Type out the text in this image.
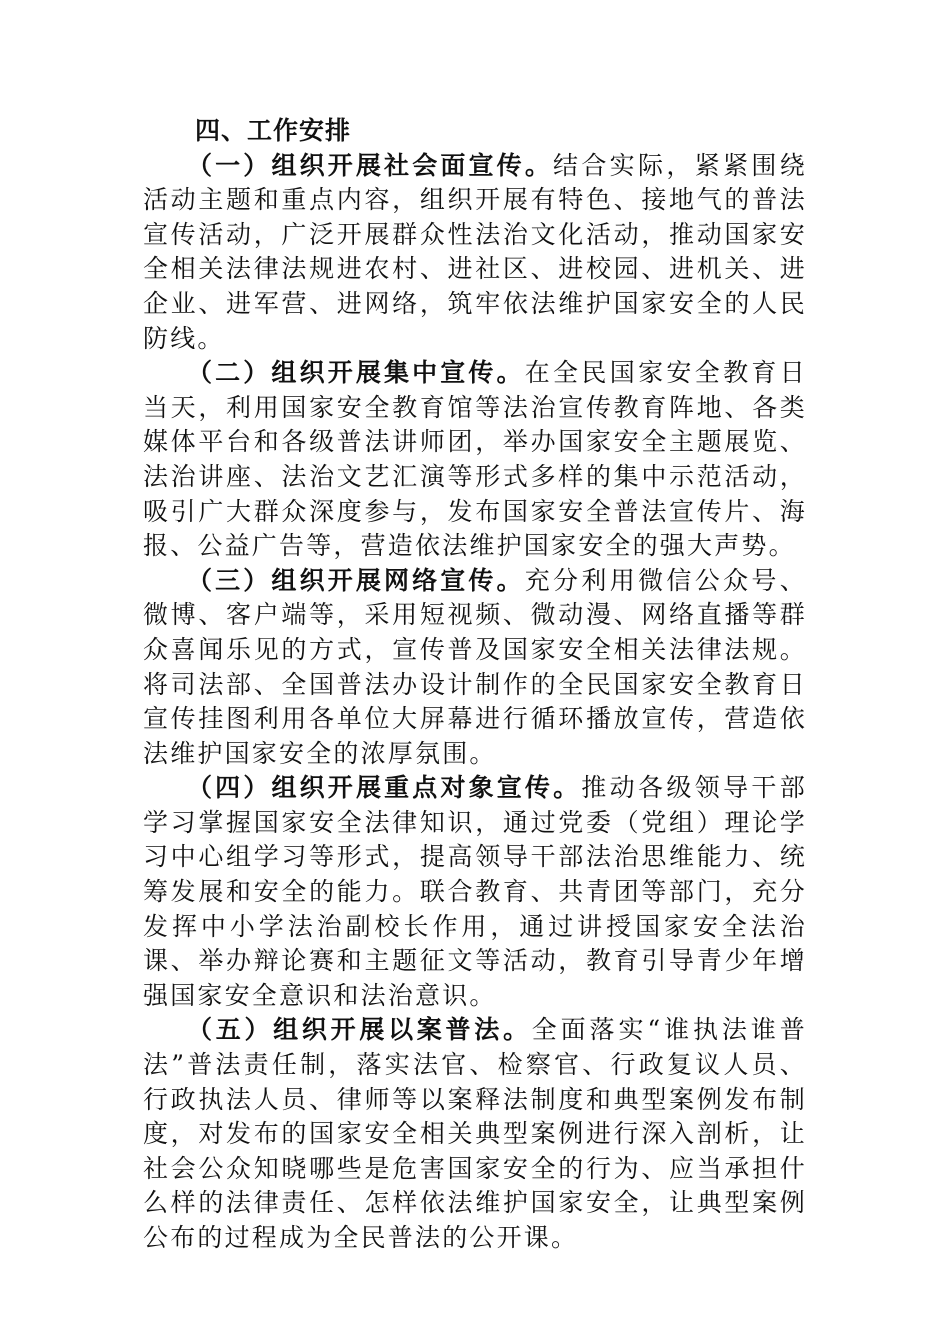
四、工作安排

（一）组织开展社会面宣传。结合实际，紧紧围绕活动主题和重点内容，组织开展有特色、接地气的普法宣传活动，广泛开展群众性法治文化活动，推动国家安全相关法律法规进农村、进社区、进校园、进机关、进企业、进军营、进网络，筑牢依法维护国家安全的人民防线。

（二）组织开展集中宣传。在全民国家安全教育日当天，利用国家安全教育馆等法治宣传教育阵地、各类媒体平台和各级普法讲师团，举办国家安全主题展览、法治讲座、法治文艺汇演等形式多样的集中示范活动，吸引广大群众深度参与，发布国家安全普法宣传片、海报、公益广告等，营造依法维护国家安全的强大声势。

（三）组织开展网络宣传。充分利用微信公众号、微博、客户端等，采用短视频、微动漫、网络直播等群众喜闻乐见的方式，宣传普及国家安全相关法律法规。将司法部、全国普法办设计制作的全民国家安全教育日宣传挂图利用各单位大屏幕进行循环播放宣传，营造依法维护国家安全的浓厚氛围。

（四）组织开展重点对象宣传。推动各级领导干部学习掌握国家安全法律知识，通过党委（党组）理论学习中心组学习等形式，提高领导干部法治思维能力、统筹发展和安全的能力。联合教育、共青团等部门，充分发挥中小学法治副校长作用，通过讲授国家安全法治课、举办辩论赛和主题征文等活动，教育引导青少年增强国家安全意识和法治意识。

（五）组织开展以案普法。全面落实“谁执法谁普法”普法责任制，落实法官、检察官、行政复议人员、行政执法人员、律师等以案释法制度和典型案例发布制度，对发布的国家安全相关典型案例进行深入剖析，让社会公众知晓哪些是危害国家安全的行为、应当承担什么样的法律责任、怎样依法维护国家安全，让典型案例公布的过程成为全民普法的公开课。
